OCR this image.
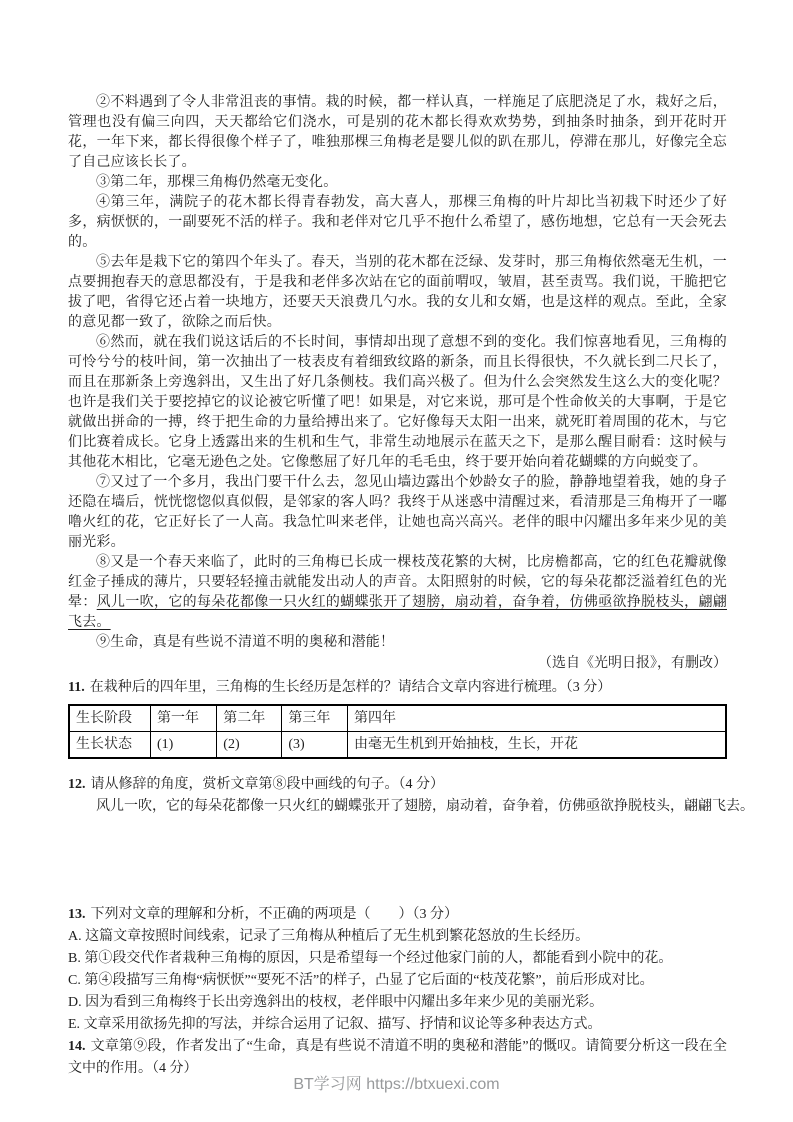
②不料遇到了令人非常沮丧的事情。栽的时候，都一样认真，一样施足了底肥浇足了水，栽好之后，管理也没有偏三向四，天天都给它们浇水，可是别的花木都长得欢欢势势，到抽条时抽条，到开花时开花，一年下来，都长得很像个样子了，唯独那棵三角梅老是婴儿似的趴在那儿，停滞在那儿，好像完全忘了自己应该长长了。

③第二年，那棵三角梅仍然毫无变化。

④第三年，满院子的花木都长得青春勃发，高大喜人，那棵三角梅的叶片却比当初栽下时还少了好多，病恹恹的，一副要死不活的样子。我和老伴对它几乎不抱什么希望了，感伤地想，它总有一天会死去的。

⑤去年是栽下它的第四个年头了。春天，当别的花木都在泛绿、发芽时，那三角梅依然毫无生机，一点要拥抱春天的意思都没有，于是我和老伴多次站在它的面前喟叹，皱眉，甚至责骂。我们说，干脆把它拔了吧，省得它还占着一块地方，还要天天浪费几勺水。我的女儿和女婿，也是这样的观点。至此，全家的意见都一致了，欲除之而后快。

⑥然而，就在我们说这话后的不长时间，事情却出现了意想不到的变化。我们惊喜地看见，三角梅的可怜兮兮的枝叶间，第一次抽出了一枝表皮有着细致纹路的新条，而且长得很快，不久就长到二尺长了，而且在那新条上旁逸斜出，又生出了好几条侧枝。我们高兴极了。但为什么会突然发生这么大的变化呢？也许是我们关于要挖掉它的议论被它听懂了吧！如果是，对它来说，那可是个性命攸关的大事啊，于是它就做出拼命的一搏，终于把生命的力量给搏出来了。它好像每天太阳一出来，就死盯着周围的花木，与它们比赛着成长。它身上透露出来的生机和生气，非常生动地展示在蓝天之下，是那么醒目耐看：这时候与其他花木相比，它毫无逊色之处。它像憋屈了好几年的毛毛虫，终于要开始向着花蝴蝶的方向蜕变了。

⑦又过了一个多月，我出门要干什么去，忽见山墙边露出个妙龄女子的脸，静静地望着我，她的身子还隐在墙后，恍恍惚惚似真似假，是邻家的客人吗？我终于从迷惑中清醒过来，看清那是三角梅开了一嘟噜火红的花，它正好长了一人高。我急忙叫来老伴，让她也高兴高兴。老伴的眼中闪耀出多年来少见的美丽光彩。

⑧又是一个春天来临了，此时的三角梅已长成一棵枝茂花繁的大树，比房檐都高，它的红色花瓣就像红金子捶成的薄片，只要轻轻撞击就能发出动人的声音。太阳照射的时候，它的每朵花都泛溢着红色的光晕：风儿一吹，它的每朵花都像一只火红的蝴蝶张开了翅膀，扇动着，奋争着，仿佛亟欲挣脱枝头，翩翩飞去。

⑨生命，真是有些说不清道不明的奥秘和潜能！

（选自《光明日报》，有删改）

11. 在栽种后的四年里，三角梅的生长经历是怎样的？请结合文章内容进行梳理。（3 分）

生长阶段	第一年	第二年	第三年	第四年
生长状态	(1)	(2)	(3)	由毫无生机到开始抽枝，生长，开花

12. 请从修辞的角度，赏析文章第⑧段中画线的句子。（4 分）

风儿一吹，它的每朵花都像一只火红的蝴蝶张开了翅膀，扇动着，奋争着，仿佛亟欲挣脱枝头，翩翩飞去。

13. 下列对文章的理解和分析，不正确的两项是（　　）（3 分）

A. 这篇文章按照时间线索，记录了三角梅从种植后了无生机到繁花怒放的生长经历。

B. 第①段交代作者栽种三角梅的原因，只是希望每一个经过他家门前的人，都能看到小院中的花。

C. 第④段描写三角梅“病恹恹”“要死不活”的样子，凸显了它后面的“枝茂花繁”，前后形成对比。

D. 因为看到三角梅终于长出旁逸斜出的枝杈，老伴眼中闪耀出多年来少见的美丽光彩。

E. 文章采用欲扬先抑的写法，并综合运用了记叙、描写、抒情和议论等多种表达方式。

14. 文章第⑨段，作者发出了“生命，真是有些说不清道不明的奥秘和潜能”的慨叹。请简要分析这一段在全文中的作用。（4 分）

BT学习网 https://btxuexi.com
